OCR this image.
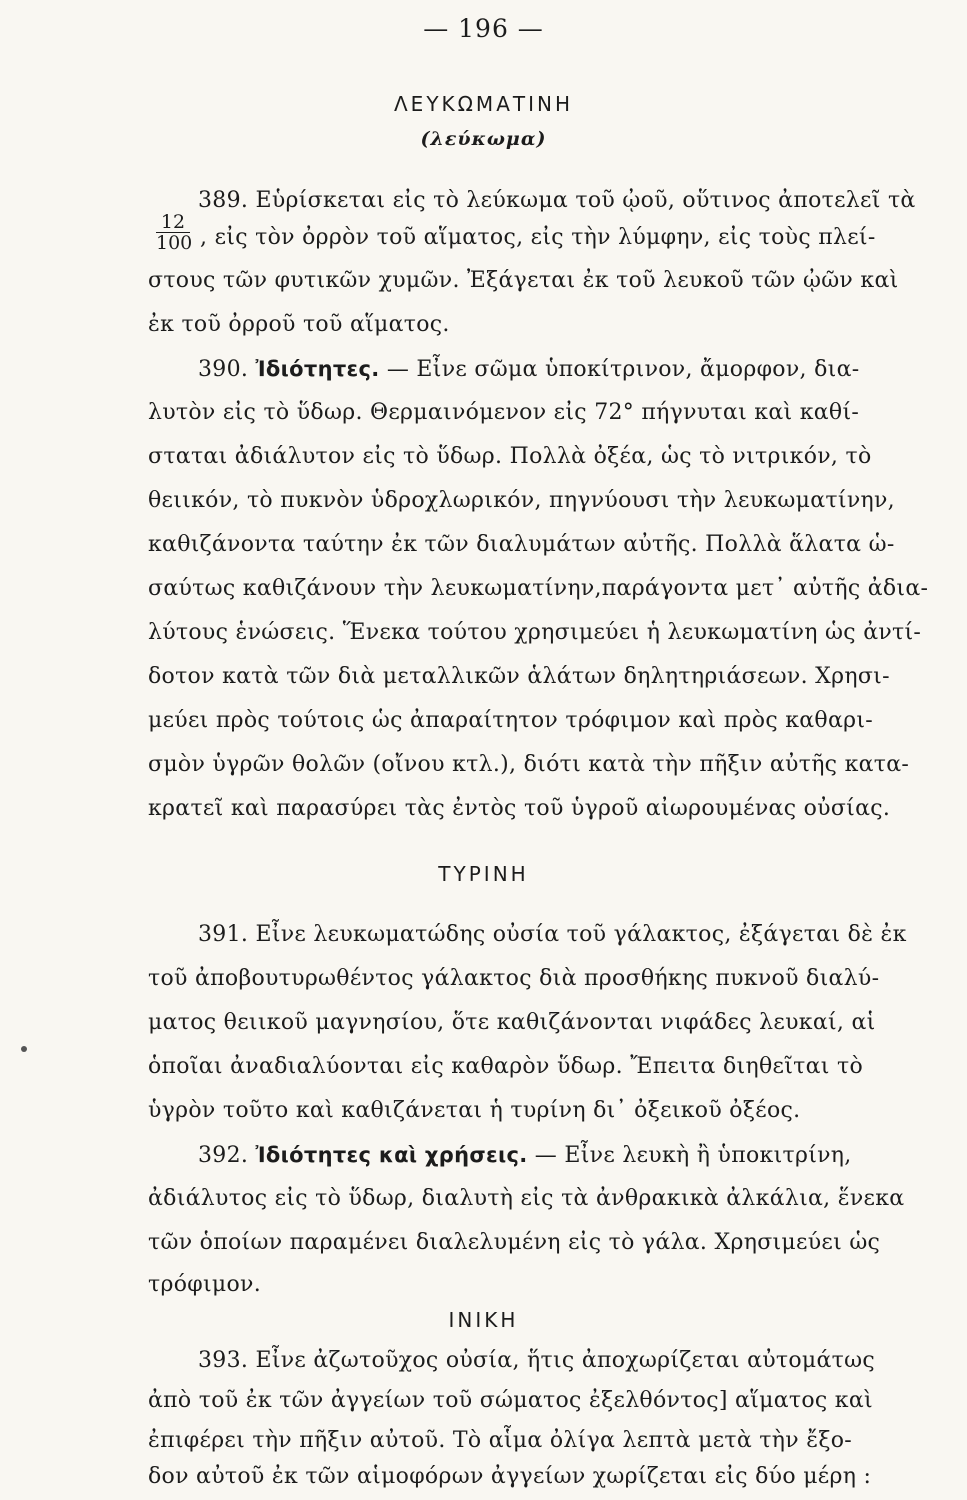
— 196 —
ΛΕΥΚΩΜΑΤΙΝΗ
(λεύκωμα)
389. Εὑρίσκεται εἰς τὸ λεύκωμα τοῦ ᾠοῦ, οὕτινος ἀποτελεῖ τὰ
$\frac{12}{100}$ , εἰς τὸν ὀρρὸν τοῦ αἵματος, εἰς τὴν λύμφην, εἰς τοὺς πλεί-
στους τῶν φυτικῶν χυμῶν. Ἐξάγεται ἐκ τοῦ λευκοῦ τῶν ᾠῶν καὶ
ἐκ τοῦ ὀρροῦ τοῦ αἵματος.
390. Ἰδιότητες. — Εἶνε σῶμα ὑποκίτρινον, ἄμορφον, δια-
λυτὸν εἰς τὸ ὕδωρ. Θερμαινόμενον εἰς 72° πήγνυται καὶ καθί-
σταται ἀδιάλυτον εἰς τὸ ὕδωρ. Πολλὰ ὀξέα, ὡς τὸ νιτρικόν, τὸ
θειικόν, τὸ πυκνὸν ὑδροχλωρικόν, πηγνύουσι τὴν λευκωματίνην,
καθιζάνοντα ταύτην ἐκ τῶν διαλυμάτων αὐτῆς. Πολλὰ ἅλατα ὡ-
σαύτως καθιζάνουν τὴν λευκωματίνην,παράγοντα μετ᾽ αὐτῆς ἀδια-
λύτους ἑνώσεις. Ἕνεκα τούτου χρησιμεύει ἡ λευκωματίνη ὡς ἀντί-
δοτον κατὰ τῶν διὰ μεταλλικῶν ἁλάτων δηλητηριάσεων. Χρησι-
μεύει πρὸς τούτοις ὡς ἀπαραίτητον τρόφιμον καὶ πρὸς καθαρι-
σμὸν ὑγρῶν θολῶν (οἴνου κτλ.), διότι κατὰ τὴν πῆξιν αὐτῆς κατα-
κρατεῖ καὶ παρασύρει τὰς ἐντὸς τοῦ ὑγροῦ αἰωρουμένας οὐσίας.
ΤΥΡΙΝΗ
391. Εἶνε λευκωματώδης οὐσία τοῦ γάλακτος, ἐξάγεται δὲ ἐκ
τοῦ ἀποβουτυρωθέντος γάλακτος διὰ προσθήκης πυκνοῦ διαλύ-
ματος θειικοῦ μαγνησίου, ὅτε καθιζάνονται νιφάδες λευκαί, αἱ
ὁποῖαι ἀναδιαλύονται εἰς καθαρὸν ὕδωρ. Ἔπειτα διηθεῖται τὸ
ὑγρὸν τοῦτο καὶ καθιζάνεται ἡ τυρίνη δι᾽ ὀξεικοῦ ὀξέος.
392. Ἰδιότητες καὶ χρήσεις. — Εἶνε λευκὴ ἢ ὑποκιτρίνη,
ἀδιάλυτος εἰς τὸ ὕδωρ, διαλυτὴ εἰς τὰ ἀνθρακικὰ ἀλκάλια, ἕνεκα
τῶν ὁποίων παραμένει διαλελυμένη εἰς τὸ γάλα. Χρησιμεύει ὡς
τρόφιμον.
ΙΝΙΚΗ
393. Εἶνε ἀζωτοῦχος οὐσία, ἥτις ἀποχωρίζεται αὐτομάτως
ἀπὸ τοῦ ἐκ τῶν ἀγγείων τοῦ σώματος ἐξελθόντος] αἵματος καὶ
ἐπιφέρει τὴν πῆξιν αὐτοῦ. Τὸ αἷμα ὀλίγα λεπτὰ μετὰ τὴν ἔξο-
δον αὐτοῦ ἐκ τῶν αἱμοφόρων ἀγγείων χωρίζεται εἰς δύο μέρη :
